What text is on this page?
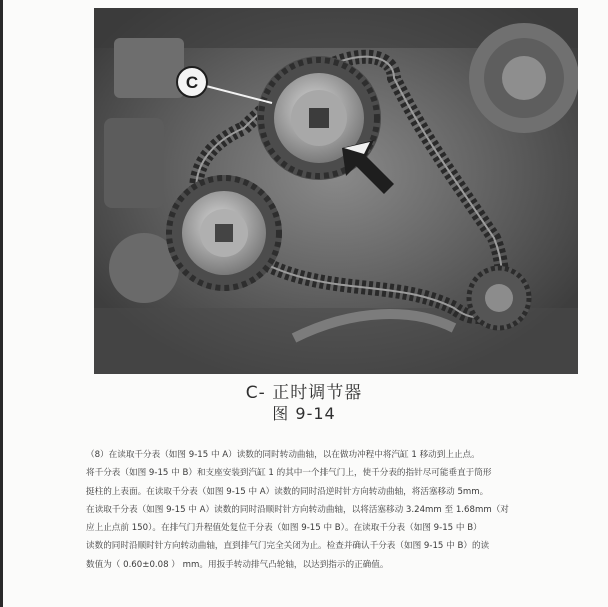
C

C- 正时调节器

图 9-14

（8）在读取千分表（如图 9-15 中 A）读数的同时转动曲轴，以在做功冲程中将汽缸 1 移动到上止点。
将千分表（如图 9-15 中 B）和支座安装到汽缸 1 的其中一个排气门上，使千分表的指针尽可能垂直于筒形
挺柱的上表面。在读取千分表（如图 9-15 中 A）读数的同时沿逆时针方向转动曲轴，将活塞移动 5mm。
在读取千分表（如图 9-15 中 A）读数的同时沿顺时针方向转动曲轴，以将活塞移动 3.24mm 至 1.68mm（对
应上止点前 150）。在排气门升程值处复位千分表（如图 9-15 中 B）。在读取千分表（如图 9-15 中 B）
读数的同时沿顺时针方向转动曲轴，直到排气门完全关闭为止。检查并确认千分表（如图 9-15 中 B）的读
数值为（ 0.60±0.08 ） mm。用扳手转动排气凸轮轴，以达到指示的正确值。
